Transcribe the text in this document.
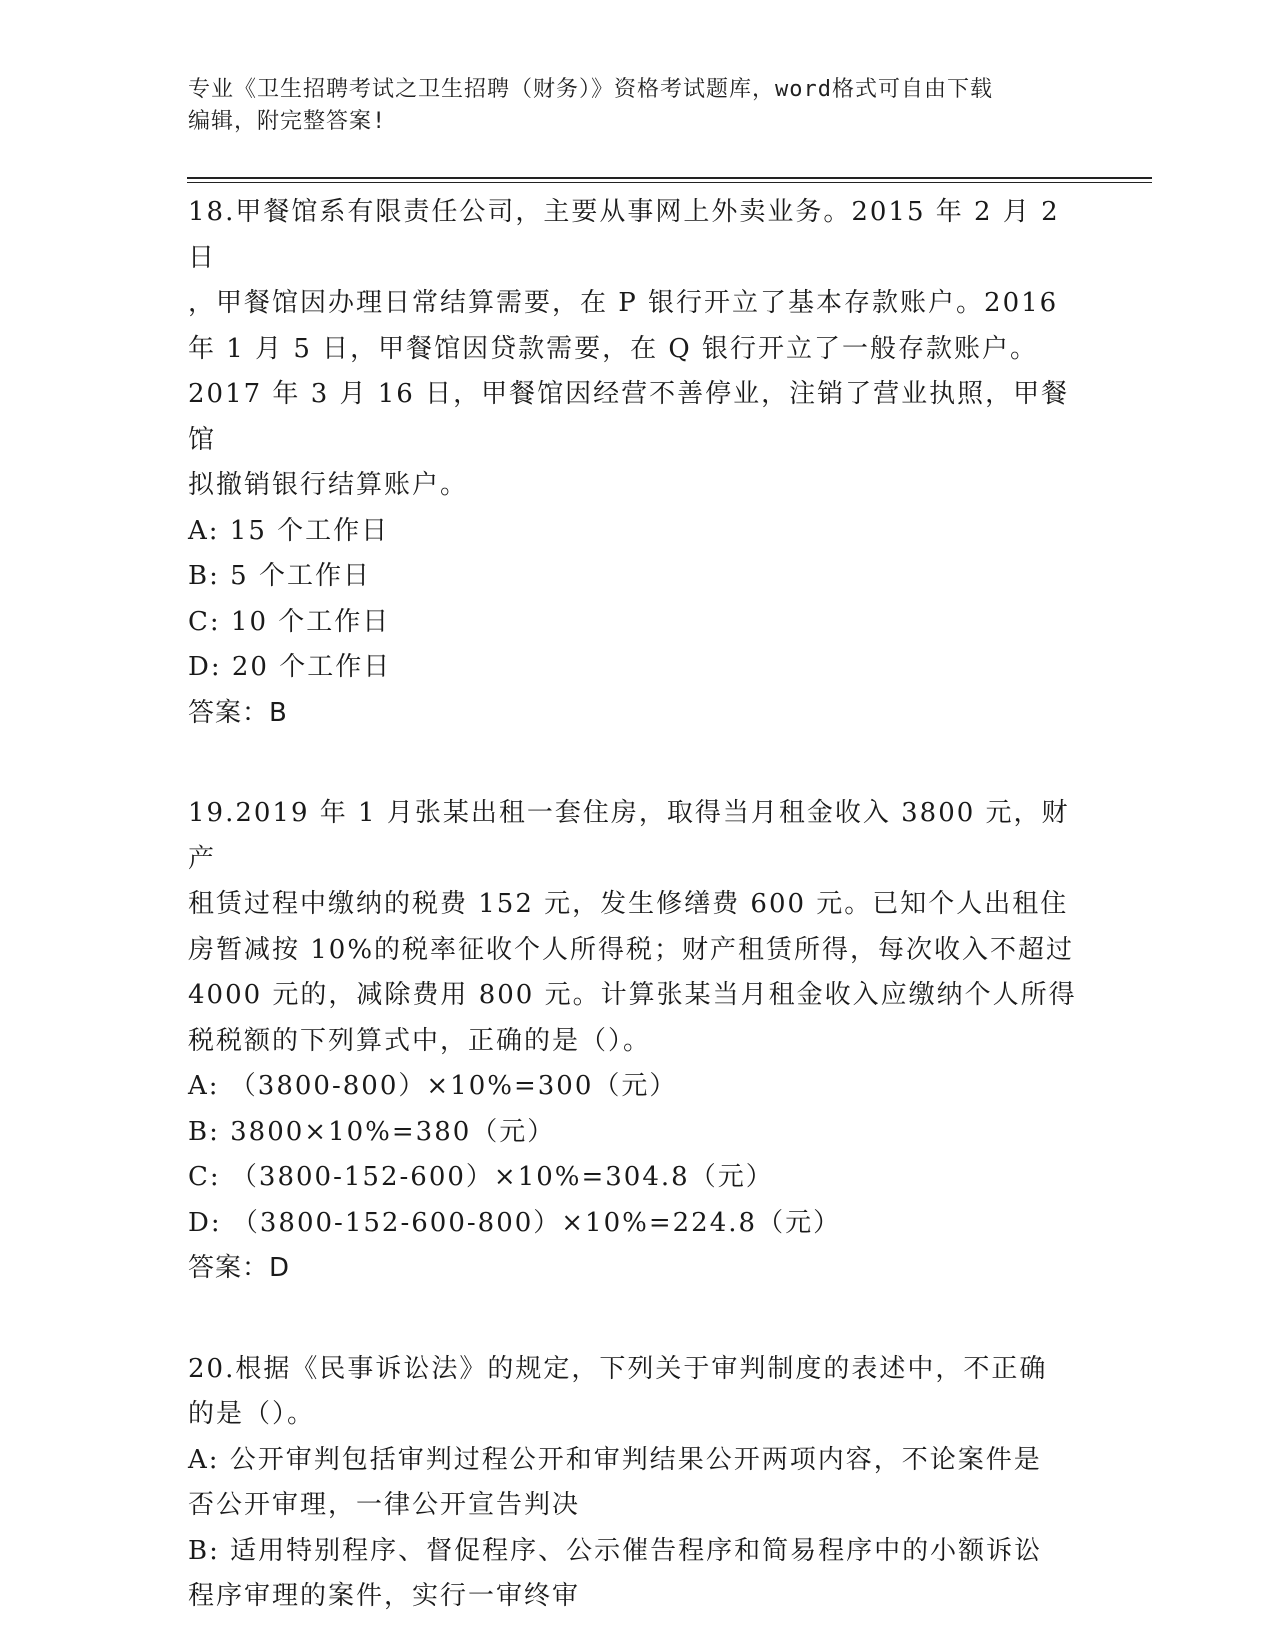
专业《卫生招聘考试之卫生招聘（财务）》资格考试题库，word格式可自由下载
编辑，附完整答案!

18.甲餐馆系有限责任公司，主要从事网上外卖业务。2015 年 2 月 2 日

，甲餐馆因办理日常结算需要，在 P 银行开立了基本存款账户。2016

年 1 月 5 日，甲餐馆因贷款需要，在 Q 银行开立了一般存款账户。

2017 年 3 月 16 日，甲餐馆因经营不善停业，注销了营业执照，甲餐馆

拟撤销银行结算账户。

A: 15 个工作日

B: 5 个工作日

C: 10 个工作日

D: 20 个工作日

答案：B

19.2019 年 1 月张某出租一套住房，取得当月租金收入 3800 元，财产

租赁过程中缴纳的税费 152 元，发生修缮费 600 元。已知个人出租住

房暂减按 10%的税率征收个人所得税；财产租赁所得，每次收入不超过

4000 元的，减除费用 800 元。计算张某当月租金收入应缴纳个人所得

税税额的下列算式中，正确的是（）。

A: （3800-800）×10%=300（元）

B: 3800×10%=380（元）

C: （3800-152-600）×10%=304.8（元）

D: （3800-152-600-800）×10%=224.8（元）

答案：D

20.根据《民事诉讼法》的规定，下列关于审判制度的表述中，不正确

的是（）。

A: 公开审判包括审判过程公开和审判结果公开两项内容，不论案件是

否公开审理，一律公开宣告判决

B: 适用特别程序、督促程序、公示催告程序和简易程序中的小额诉讼

程序审理的案件，实行一审终审
